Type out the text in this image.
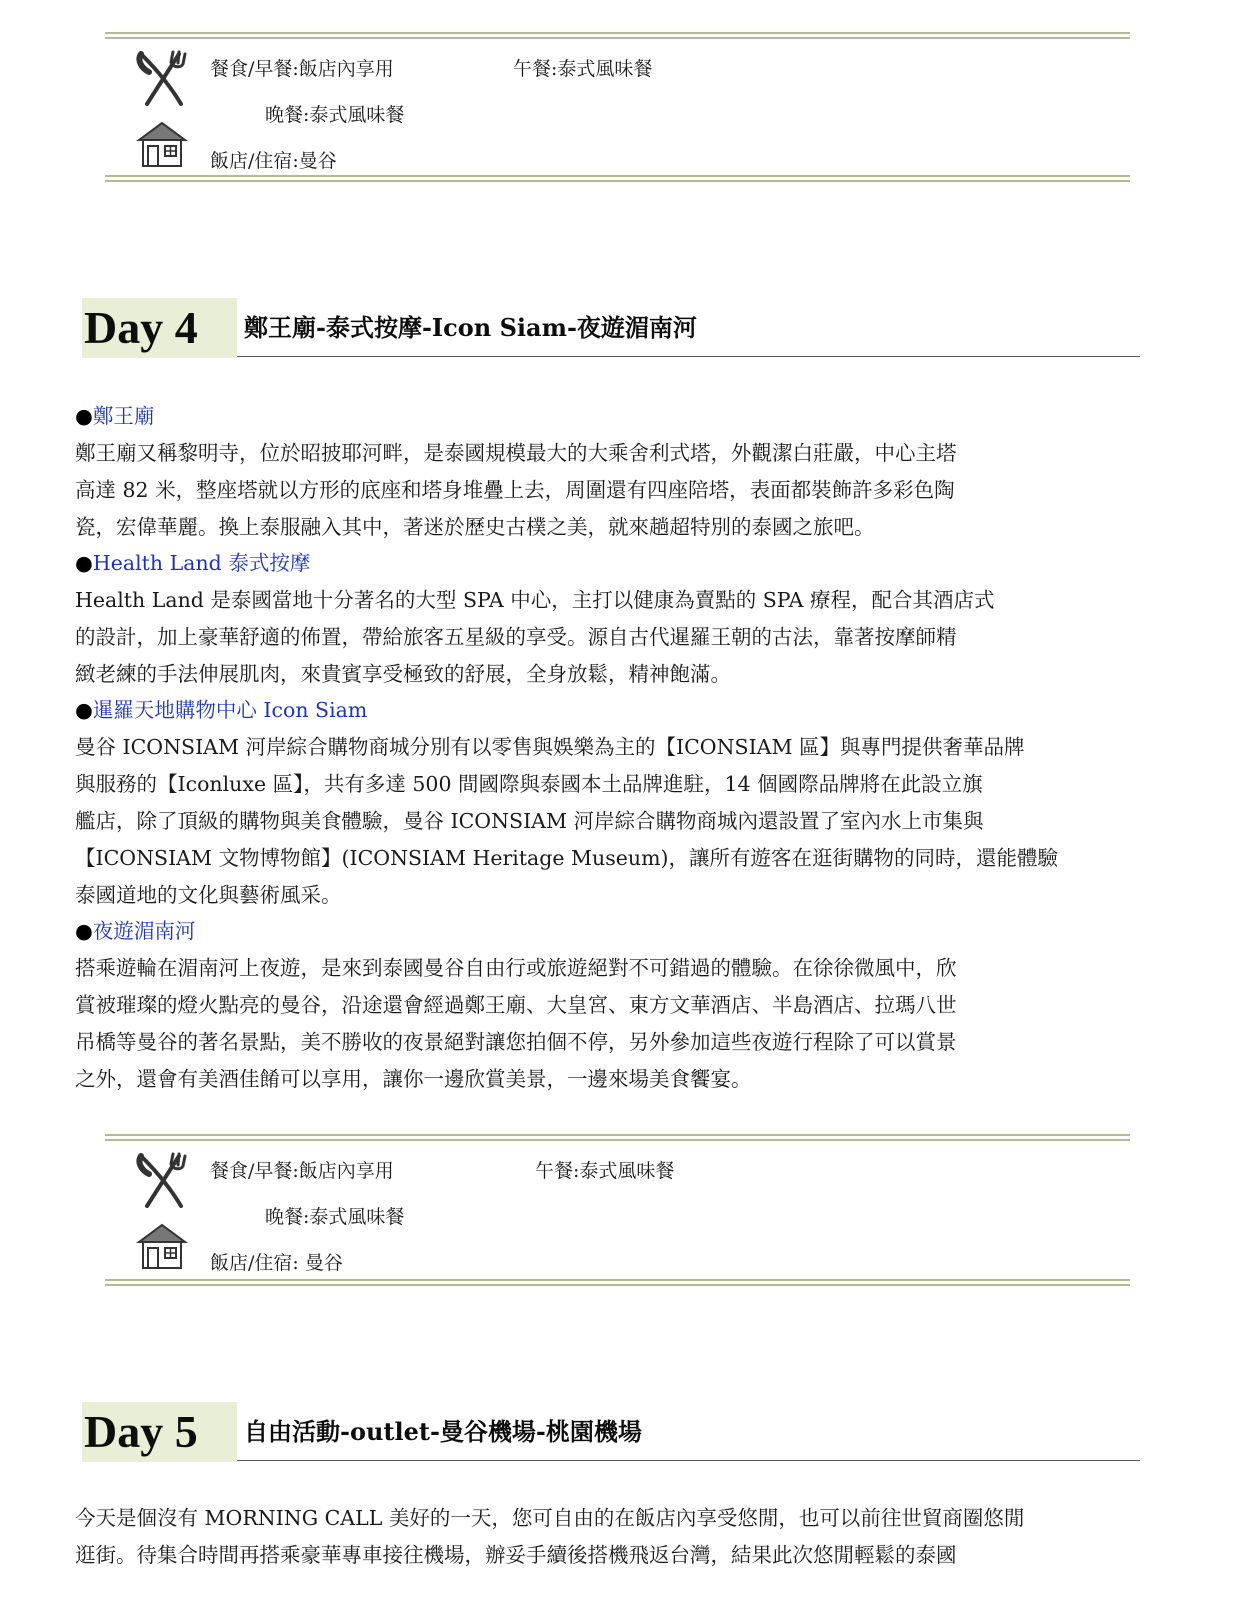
餐食/早餐:飯店內享用	午餐:泰式風味餐
晚餐:泰式風味餐
飯店/住宿:曼谷
Day 4	鄭王廟-泰式按摩-Icon Siam-夜遊湄南河
●鄭王廟
鄭王廟又稱黎明寺，位於昭披耶河畔，是泰國規模最大的大乘舍利式塔，外觀潔白莊嚴，中心主塔
高達 82 米，整座塔就以方形的底座和塔身堆疊上去，周圍還有四座陪塔，表面都裝飾許多彩色陶
瓷，宏偉華麗。換上泰服融入其中，著迷於歷史古樸之美，就來趟超特別的泰國之旅吧。
●Health Land 泰式按摩
Health Land 是泰國當地十分著名的大型 SPA 中心，主打以健康為賣點的 SPA 療程，配合其酒店式
的設計，加上豪華舒適的佈置，帶給旅客五星級的享受。源自古代暹羅王朝的古法，靠著按摩師精
緻老練的手法伸展肌肉，來貴賓享受極致的舒展，全身放鬆，精神飽滿。
●暹羅天地購物中心 Icon Siam
曼谷 ICONSIAM 河岸綜合購物商城分別有以零售與娛樂為主的【ICONSIAM 區】與專門提供奢華品牌
與服務的【Iconluxe 區】，共有多達 500 間國際與泰國本土品牌進駐，14 個國際品牌將在此設立旗
艦店，除了頂級的購物與美食體驗，曼谷 ICONSIAM 河岸綜合購物商城內還設置了室內水上市集與
【ICONSIAM 文物博物館】(ICONSIAM Heritage Museum)，讓所有遊客在逛街購物的同時，還能體驗
泰國道地的文化與藝術風采。
●夜遊湄南河
搭乘遊輪在湄南河上夜遊，是來到泰國曼谷自由行或旅遊絕對不可錯過的體驗。在徐徐微風中，欣
賞被璀璨的燈火點亮的曼谷，沿途還會經過鄭王廟、大皇宮、東方文華酒店、半島酒店、拉瑪八世
吊橋等曼谷的著名景點，美不勝收的夜景絕對讓您拍個不停，另外參加這些夜遊行程除了可以賞景
之外，還會有美酒佳餚可以享用，讓你一邊欣賞美景，一邊來場美食饗宴。
餐食/早餐:飯店內享用	午餐:泰式風味餐
晚餐:泰式風味餐
飯店/住宿: 曼谷
Day 5	自由活動-outlet-曼谷機場-桃園機場
今天是個沒有 MORNING CALL 美好的一天，您可自由的在飯店內享受悠閒，也可以前往世貿商圈悠閒
逛街。待集合時間再搭乘豪華專車接往機場，辦妥手續後搭機飛返台灣，結果此次悠閒輕鬆的泰國
